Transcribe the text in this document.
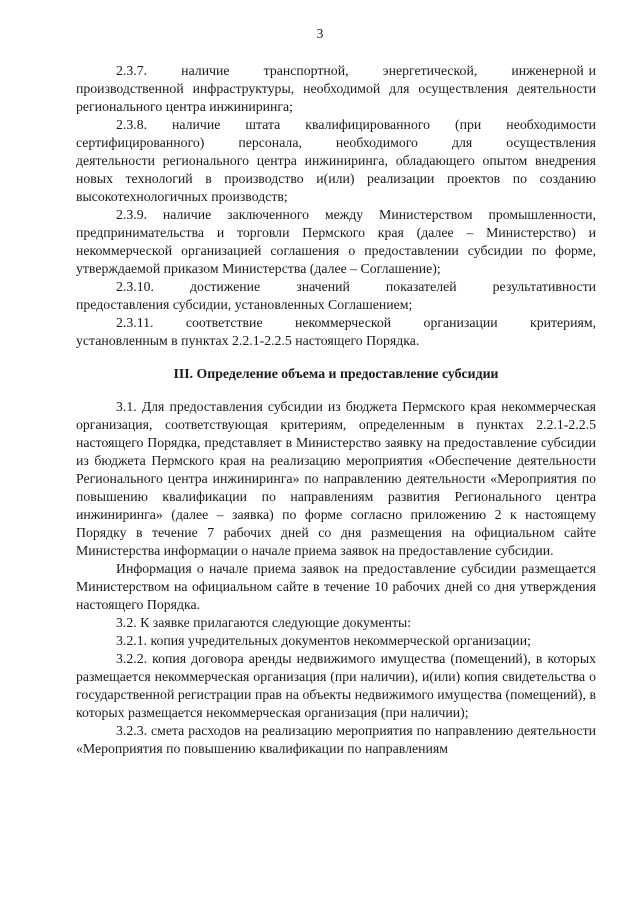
3

2.3.7.       наличие       транспортной,       энергетической,       инженерной и производственной инфраструктуры, необходимой для осуществления деятельности регионального центра инжиниринга;

2.3.8.    наличие    штата    квалифицированного    (при    необходимости сертифицированного)    персонала,    необходимого    для    осуществления деятельности регионального центра инжиниринга, обладающего опытом внедрения новых технологий в производство и(или) реализации проектов по созданию высокотехнологичных производств;

2.3.9. наличие заключенного между Министерством промышленности, предпринимательства и торговли Пермского края (далее – Министерство) и некоммерческой организацией соглашения о предоставлении субсидии по форме, утверждаемой приказом Министерства (далее – Соглашение);

2.3.10.       достижение       значений       показателей       результативности предоставления субсидии, установленных Соглашением;

2.3.11.      соответствие      некоммерческой      организации      критериям, установленным в пунктах 2.2.1-2.2.5 настоящего Порядка.

III. Определение объема и предоставление субсидии

3.1. Для предоставления субсидии из бюджета Пермского края некоммерческая организация, соответствующая критериям, определенным в пунктах 2.2.1-2.2.5 настоящего Порядка, представляет в Министерство заявку на предоставление субсидии из бюджета Пермского края на реализацию мероприятия «Обеспечение деятельности Регионального центра инжиниринга» по направлению деятельности «Мероприятия по повышению квалификации по направлениям развития Регионального центра инжиниринга» (далее – заявка) по форме согласно приложению 2 к настоящему Порядку в течение 7 рабочих дней со дня размещения на официальном сайте Министерства информации о начале приема заявок на предоставление субсидии.

Информация о начале приема заявок на предоставление субсидии размещается Министерством на официальном сайте в течение 10 рабочих дней со дня утверждения настоящего Порядка.

3.2. К заявке прилагаются следующие документы:

3.2.1. копия учредительных документов некоммерческой организации;

3.2.2. копия договора аренды недвижимого имущества (помещений), в которых размещается некоммерческая организация (при наличии), и(или) копия свидетельства о государственной регистрации прав на объекты недвижимого имущества (помещений), в которых размещается некоммерческая организация (при наличии);

3.2.3. смета расходов на реализацию мероприятия по направлению деятельности «Мероприятия по повышению квалификации по направлениям
